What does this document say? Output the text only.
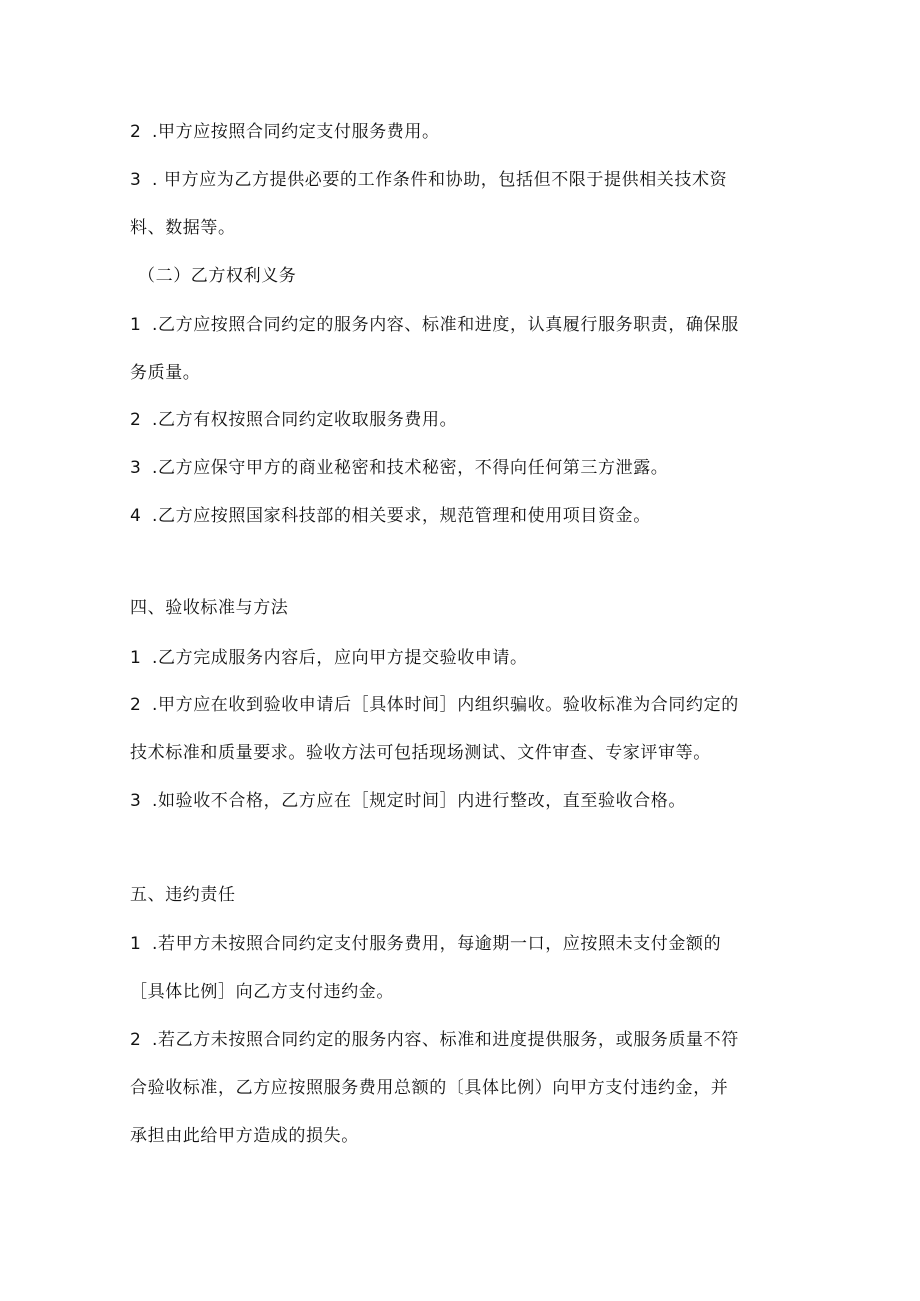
2 .甲方应按照合同约定支付服务费用。
3 . 甲方应为乙方提供必要的工作条件和协助，包括但不限于提供相关技术资
料、数据等。
（二）乙方权利义务
1 .乙方应按照合同约定的服务内容、标准和进度，认真履行服务职责，确保服
务质量。
2 .乙方有权按照合同约定收取服务费用。
3 .乙方应保守甲方的商业秘密和技术秘密，不得向任何第三方泄露。
4 .乙方应按照国家科技部的相关要求，规范管理和使用项目资金。
四、验收标准与方法
1 .乙方完成服务内容后，应向甲方提交验收申请。
2 .甲方应在收到验收申请后［具体时间］内组织骗收。验收标准为合同约定的
技术标准和质量要求。验收方法可包括现场测试、文件审查、专家评审等。
3 .如验收不合格，乙方应在［规定时间］内进行整改，直至验收合格。
五、违约责任
1 .若甲方未按照合同约定支付服务费用，每逾期一口，应按照未支付金额的
［具体比例］向乙方支付违约金。
2 .若乙方未按照合同约定的服务内容、标准和进度提供服务，或服务质量不符
合验收标准，乙方应按照服务费用总额的〔具体比例）向甲方支付违约金，并
承担由此给甲方造成的损失。
